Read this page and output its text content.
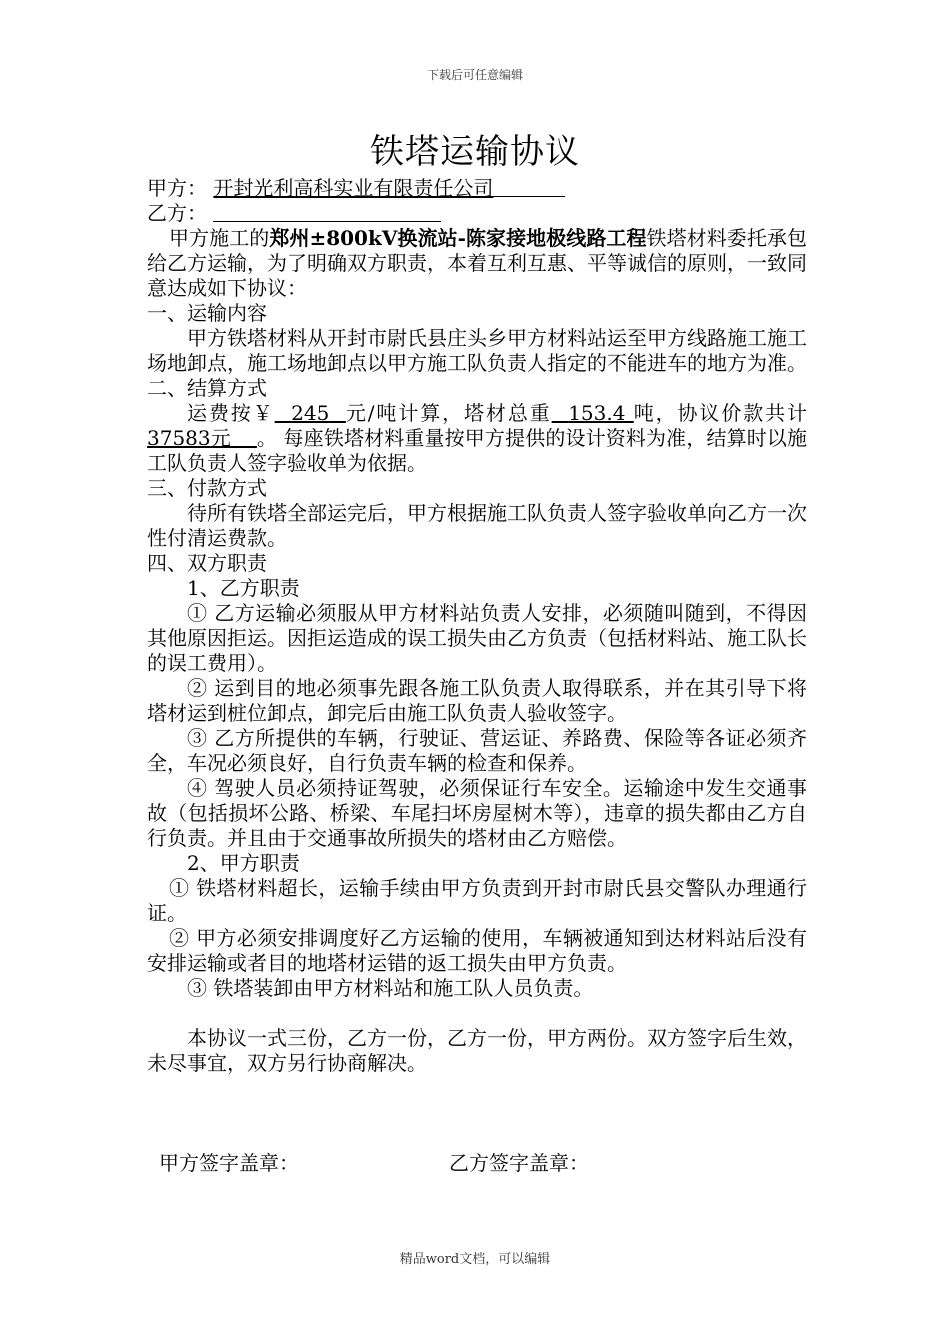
下载后可任意编辑
铁塔运输协议

甲方： 开封光利高科实业有限责任公司

乙方：

甲方施工的郑州±800kV换流站-陈家接地极线路工程铁塔材料委托承包给乙方运输，为了明确双方职责，本着互利互惠、平等诚信的原则，一致同意达成如下协议：

一、运输内容

甲方铁塔材料从开封市尉氏县庄头乡甲方材料站运至甲方线路施工施工场地卸点，施工场地卸点以甲方施工队负责人指定的不能进车的地方为准。

二、结算方式

运费按￥ 245 元/吨计算，塔材总重 153.4 吨，协议价款共计37583元 。 每座铁塔材料重量按甲方提供的设计资料为准，结算时以施工队负责人签字验收单为依据。

三、付款方式

待所有铁塔全部运完后，甲方根据施工队负责人签字验收单向乙方一次性付清运费款。

四、双方职责

1、乙方职责

① 乙方运输必须服从甲方材料站负责人安排，必须随叫随到，不得因其他原因拒运。因拒运造成的误工损失由乙方负责（包括材料站、施工队长的误工费用）。

② 运到目的地必须事先跟各施工队负责人取得联系，并在其引导下将塔材运到桩位卸点，卸完后由施工队负责人验收签字。

③ 乙方所提供的车辆，行驶证、营运证、养路费、保险等各证必须齐全，车况必须良好，自行负责车辆的检查和保养。

④ 驾驶人员必须持证驾驶，必须保证行车安全。运输途中发生交通事故（包括损坏公路、桥梁、车尾扫坏房屋树木等），违章的损失都由乙方自行负责。并且由于交通事故所损失的塔材由乙方赔偿。

2、甲方职责

① 铁塔材料超长，运输手续由甲方负责到开封市尉氏县交警队办理通行证。

② 甲方必须安排调度好乙方运输的使用，车辆被通知到达材料站后没有安排运输或者目的地塔材运错的返工损失由甲方负责。

③ 铁塔装卸由甲方材料站和施工队人员负责。

本协议一式三份，乙方一份，乙方一份，甲方两份。双方签字后生效，未尽事宜，双方另行协商解决。

甲方签字盖章：	乙方签字盖章：
精品word文档，可以编辑
